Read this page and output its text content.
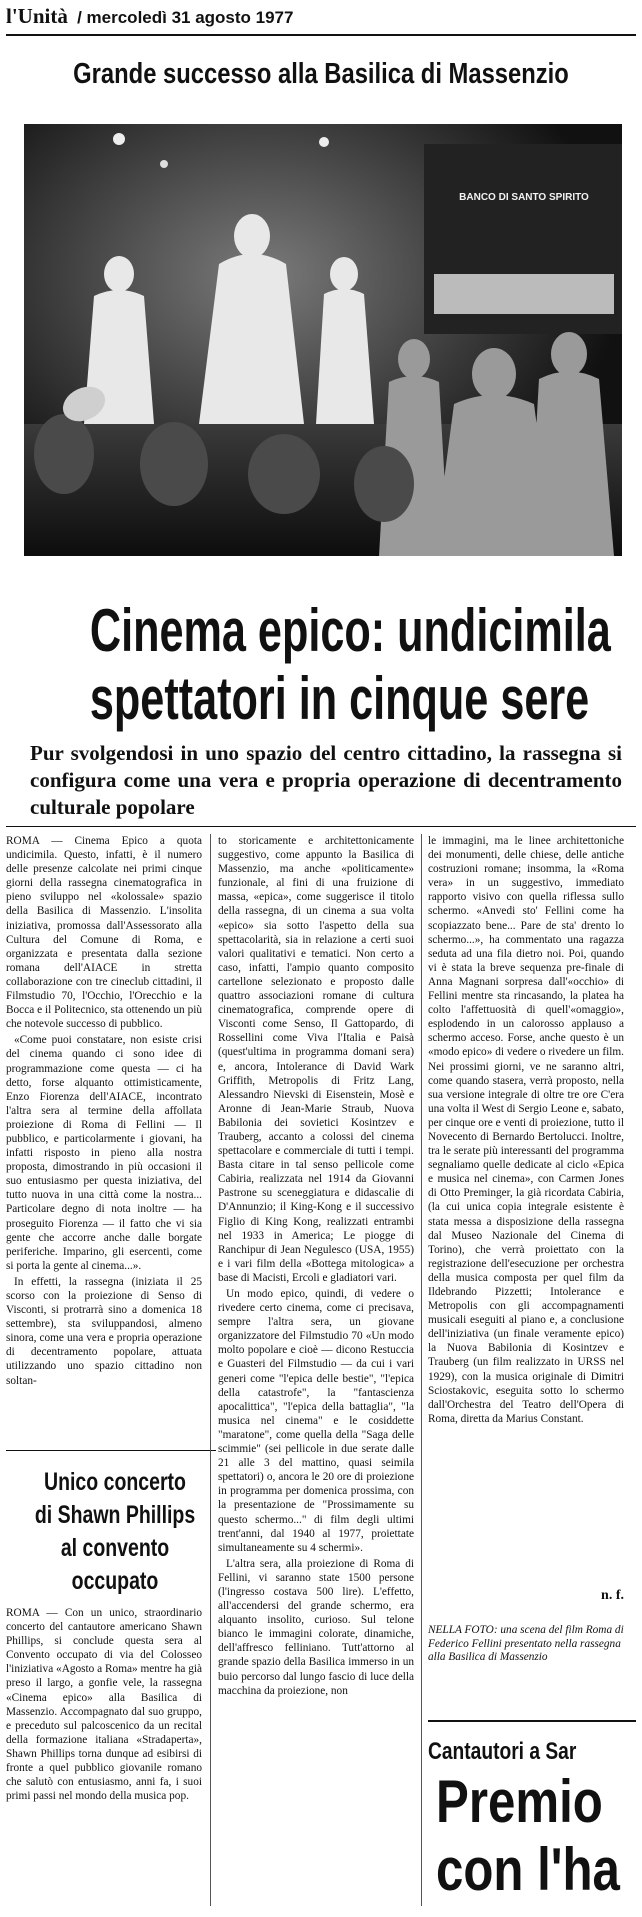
l'Unità / mercoledì 31 agosto 1977
Grande successo alla Basilica di Massenzio
BANCO DI SANTO SPIRITO
Cinema epico: undicimila
spettatori in cinque sere
Pur svolgendosi in uno spazio del centro cittadino, la rassegna si configura come una vera e propria operazione di decentramento culturale popolare

ROMA — Cinema Epico a quota undicimila. Questo, infatti, è il numero delle presenze calcolate nei primi cinque giorni della rassegna cinematografica in pieno sviluppo nel «kolossale» spazio della Basilica di Massenzio. L'insolita iniziativa, promossa dall'Assessorato alla Cultura del Comune di Roma, e organizzata e presentata dalla sezione romana dell'AIACE in stretta collaborazione con tre cineclub cittadini, il Filmstudio 70, l'Occhio, l'Orecchio e la Bocca e il Politecnico, sta ottenendo un più che notevole successo di pubblico.

«Come puoi constatare, non esiste crisi del cinema quando ci sono idee di programmazione come questa — ci ha detto, forse alquanto ottimisticamente, Enzo Fiorenza dell'AIACE, incontrato l'altra sera al termine della affollata proiezione di Roma di Fellini — Il pubblico, e particolarmente i giovani, ha infatti risposto in pieno alla nostra proposta, dimostrando in più occasioni il suo entusiasmo per questa iniziativa, del tutto nuova in una città come la nostra... Particolare degno di nota inoltre — ha proseguito Fiorenza — il fatto che vi sia gente che accorre anche dalle borgate periferiche. Imparino, gli esercenti, come si porta la gente al cinema...».

In effetti, la rassegna (iniziata il 25 scorso con la proiezione di Senso di Visconti, si protrarrà sino a domenica 18 settembre), sta sviluppandosi, almeno sinora, come una vera e propria operazione di decentramento popolare, attuata utilizzando uno spazio cittadino non soltan-

Unico concerto
di Shawn Phillips
al convento
occupato

ROMA — Con un unico, straordinario concerto del cantautore americano Shawn Phillips, si conclude questa sera al Convento occupato di via del Colosseo l'iniziativa «Agosto a Roma» mentre ha già preso il largo, a gonfie vele, la rassegna «Cinema epico» alla Basilica di Massenzio. Accompagnato dal suo gruppo, e preceduto sul palcoscenico da un recital della formazione italiana «Stradaperta», Shawn Phillips torna dunque ad esibirsi di fronte a quel pubblico giovanile romano che salutò con entusiasmo, anni fa, i suoi primi passi nel mondo della musica pop.

to storicamente e architettonicamente suggestivo, come appunto la Basilica di Massenzio, ma anche «politicamente» funzionale, al fini di una fruizione di massa, «epica», come suggerisce il titolo della rassegna, di un cinema a sua volta «epico» sia sotto l'aspetto della sua spettacolarità, sia in relazione a certi suoi valori qualitativi e tematici. Non certo a caso, infatti, l'ampio quanto composito cartellone selezionato e proposto dalle quattro associazioni romane di cultura cinematografica, comprende opere di Visconti come Senso, Il Gattopardo, di Rossellini come Viva l'Italia e Paisà (quest'ultima in programma domani sera) e, ancora, Intolerance di David Wark Griffith, Metropolis di Fritz Lang, Alessandro Nievski di Eisenstein, Mosè e Aronne di Jean-Marie Straub, Nuova Babilonia dei sovietici Kosintzev e Trauberg, accanto a colossi del cinema spettacolare e commerciale di tutti i tempi. Basta citare in tal senso pellicole come Cabiria, realizzata nel 1914 da Giovanni Pastrone su sceneggiatura e didascalie di D'Annunzio; il King-Kong e il successivo Figlio di King Kong, realizzati entrambi nel 1933 in America; Le piogge di Ranchipur di Jean Negulesco (USA, 1955) e i vari film della «Bottega mitologica» a base di Macisti, Ercoli e gladiatori vari.

Un modo epico, quindi, di vedere o rivedere certo cinema, come ci precisava, sempre l'altra sera, un giovane organizzatore del Filmstudio 70 «Un modo molto popolare e cioè — dicono Restuccia e Guasteri del Filmstudio — da cui i vari generi come "l'epica delle bestie", "l'epica della catastrofe", la "fantascienza apocalittica", "l'epica della battaglia", "la musica nel cinema" e le cosiddette "maratone", come quella della "Saga delle scimmie" (sei pellicole in due serate dalle 21 alle 3 del mattino, quasi seimila spettatori) o, ancora le 20 ore di proiezione in programma per domenica prossima, con la presentazione de "Prossimamente su questo schermo..." di film degli ultimi trent'anni, dal 1940 al 1977, proiettate simultaneamente su 4 schermi».

L'altra sera, alla proiezione di Roma di Fellini, vi saranno state 1500 persone (l'ingresso costava 500 lire). L'effetto, all'accendersi del grande schermo, era alquanto insolito, curioso. Sul telone bianco le immagini colorate, dinamiche, dell'affresco felliniano. Tutt'attorno al grande spazio della Basilica immerso in un buio percorso dal lungo fascio di luce della macchina da proiezione, non

le immagini, ma le linee architettoniche dei monumenti, delle chiese, delle antiche costruzioni romane; insomma, la «Roma vera» in un suggestivo, immediato rapporto visivo con quella riflessa sullo schermo. «Anvedi sto' Fellini come ha scopiazzato bene... Pare de sta' drento lo schermo...», ha commentato una ragazza seduta ad una fila dietro noi. Poi, quando vi è stata la breve sequenza pre-finale di Anna Magnani sorpresa dall'«occhio» di Fellini mentre sta rincasando, la platea ha colto l'affettuosità di quell'«omaggio», esplodendo in un calorosso applauso a schermo acceso. Forse, anche questo è un «modo epico» di vedere o rivedere un film. Nei prossimi giorni, ve ne saranno altri, come quando stasera, verrà proposto, nella sua versione integrale di oltre tre ore C'era una volta il West di Sergio Leone e, sabato, per cinque ore e venti di proiezione, tutto il Novecento di Bernardo Bertolucci. Inoltre, tra le serate più interessanti del programma segnaliamo quelle dedicate al ciclo «Epica e musica nel cinema», con Carmen Jones di Otto Preminger, la già ricordata Cabiria, (la cui unica copia integrale esistente è stata messa a disposizione della rassegna dal Museo Nazionale del Cinema di Torino), che verrà proiettato con la registrazione dell'esecuzione per orchestra della musica composta per quel film da Ildebrando Pizzetti; Intolerance e Metropolis con gli accompagnamenti musicali eseguiti al piano e, a conclusione dell'iniziativa (un finale veramente epico) la Nuova Babilonia di Kosintzev e Trauberg (un film realizzato in URSS nel 1929), con la musica originale di Dimitri Sciostakovic, eseguita sotto lo schermo dall'Orchestra del Teatro dell'Opera di Roma, diretta da Marius Constant.

n. f.
NELLA FOTO: una scena del film Roma di Federico Fellini presentato nella rassegna alla Basilica di Massenzio
Cantautori a Sar
Premio
con l'ha
